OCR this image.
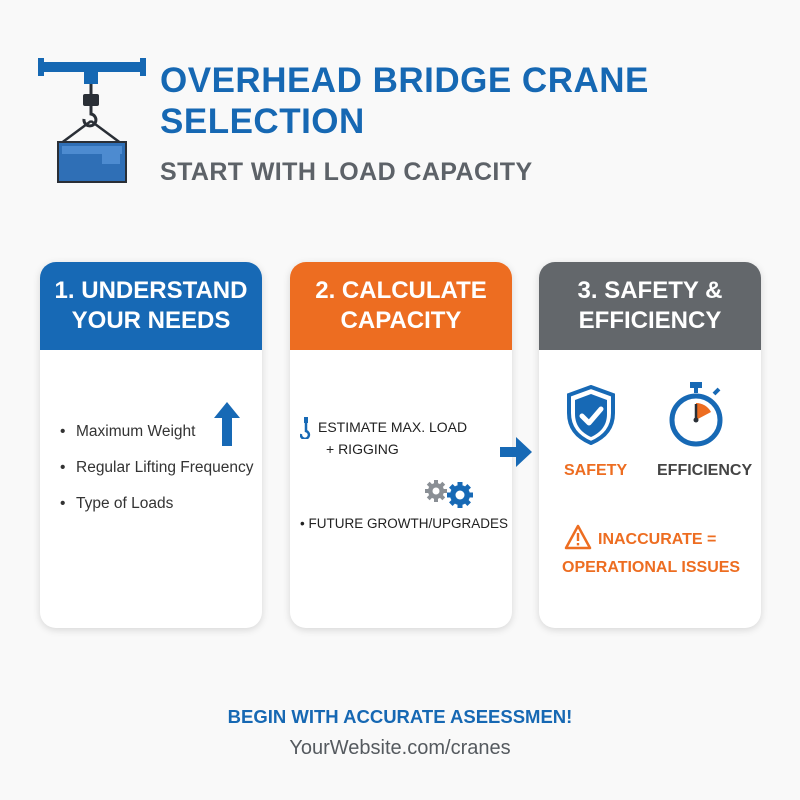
OVERHEAD BRIDGE CRANE
SELECTION
START WITH LOAD CAPACITY
1. UNDERSTAND
YOUR NEEDS
• Maximum Weight
• Regular Lifting Frequency
• Type of Loads
2. CALCULATE
CAPACITY
ESTIMATE MAX. LOAD
+ RIGGING
• FUTURE GROWTH/UPGRADES
3. SAFETY &
EFFICIENCY
SAFETY EFFICIENCY
INACCURATE =
OPERATIONAL ISSUES
BEGIN WITH ACCURATE ASEESSMEN!
YourWebsite.com/cranes
